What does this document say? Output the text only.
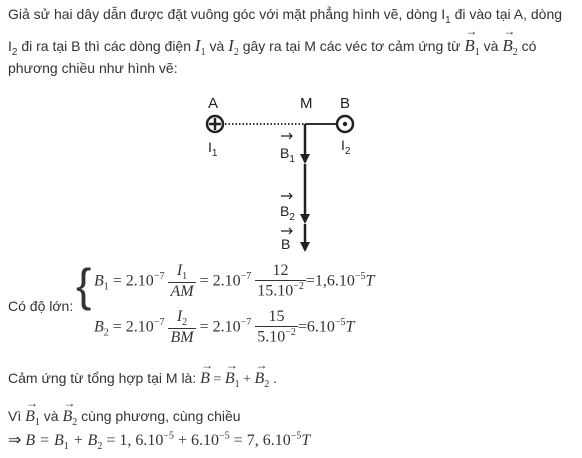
Giả sử hai dây dẫn được đặt vuông góc với mặt phẳng hình vẽ, dòng $I_1$ đi vào tại A, dòng
$I_2$ đi ra tại B thì các dòng điện $I_1$ và $I_2$ gây ra tại M các véc tơ cảm ứng từ → $B_1$ và → $B_2$ có
phương chiều như hình vẽ:
A	M B
$I_1$
$I_2$
$B_1$
$B_2$
B
Có độ lớn: { $B_1 = 2.10^{-7} \frac{I_1}{AM} = 2.10^{-7} \frac{12}{15.10^{-2}} =1,6.10^{-5}T$
$B_2 = 2.10^{-7} \frac{I_2}{BM} = 2.10^{-7} \frac{15}{5.10^{-2}} =6.10^{-5}T$
Cảm ứng từ tổng hợp tại M là: → B = → $B_1$ + → $B_2$ .
Vì → $B_1$ và → $B_2$ cùng phương, cùng chiều
⇒ $B = B_1 + B_2 = 1$, $6.10^{-5} + 6.10^{-5} = 7$, $6.10^{-5}T$
